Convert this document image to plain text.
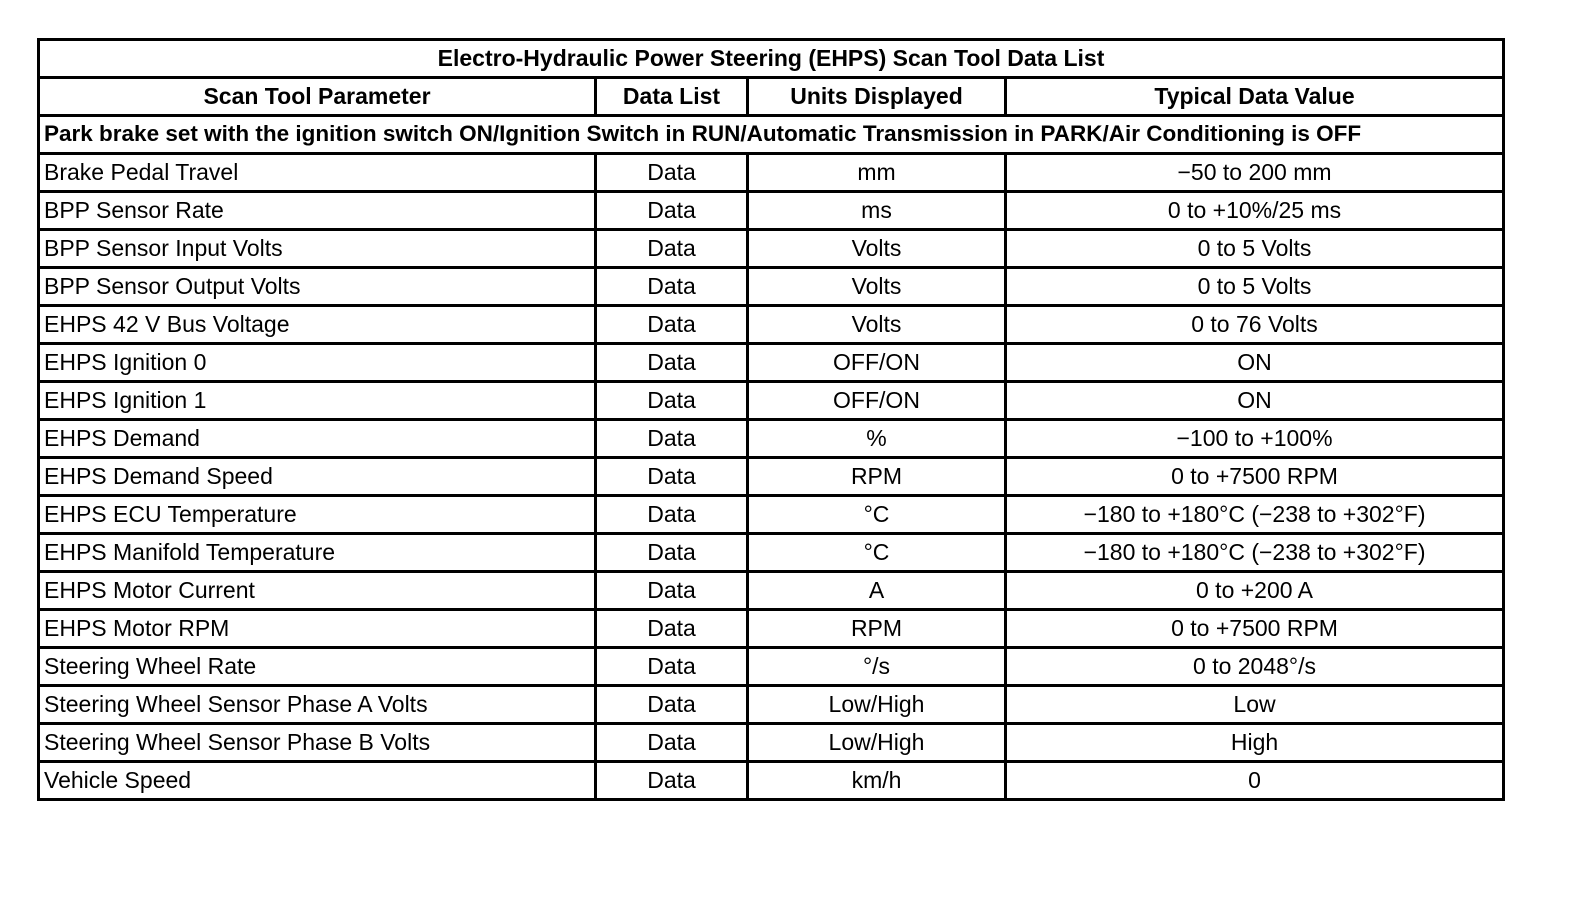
Electro-Hydraulic Power Steering (EHPS) Scan Tool Data List			
Scan Tool Parameter	Data List	Units Displayed	Typical Data Value
Park brake set with the ignition switch ON/Ignition Switch in RUN/Automatic Transmission in PARK/Air Conditioning is OFF			
Brake Pedal Travel	Data	mm	−50 to 200 mm
BPP Sensor Rate	Data	ms	0 to +10%/25 ms
BPP Sensor Input Volts	Data	Volts	0 to 5 Volts
BPP Sensor Output Volts	Data	Volts	0 to 5 Volts
EHPS 42 V Bus Voltage	Data	Volts	0 to 76 Volts
EHPS Ignition 0	Data	OFF/ON	ON
EHPS Ignition 1	Data	OFF/ON	ON
EHPS Demand	Data	%	−100 to +100%
EHPS Demand Speed	Data	RPM	0 to +7500 RPM
EHPS ECU Temperature	Data	°C	−180 to +180°C (−238 to +302°F)
EHPS Manifold Temperature	Data	°C	−180 to +180°C (−238 to +302°F)
EHPS Motor Current	Data	A	0 to +200 A
EHPS Motor RPM	Data	RPM	0 to +7500 RPM
Steering Wheel Rate	Data	°/s	0 to 2048°/s
Steering Wheel Sensor Phase A Volts	Data	Low/High	Low
Steering Wheel Sensor Phase B Volts	Data	Low/High	High
Vehicle Speed	Data	km/h	0
